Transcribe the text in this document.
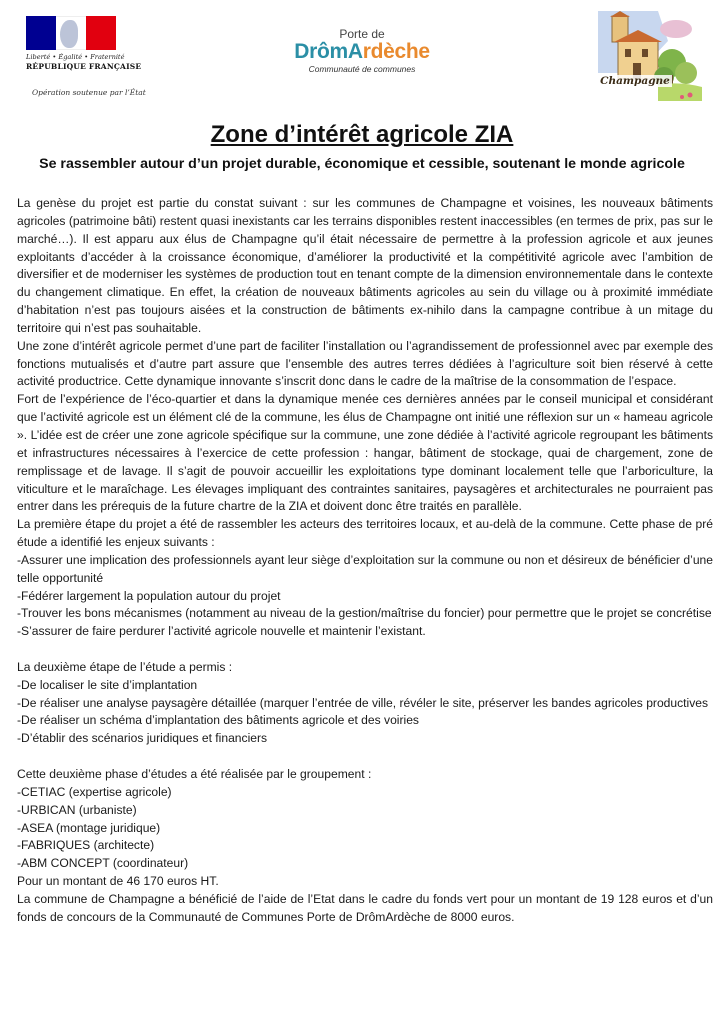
Liberté • Égalité • Fraternité
RÉPUBLIQUE FRANÇAISE
Opération soutenue par l’État
Porte de
DrômArdèche
Communauté de communes
Champagne
Zone d’intérêt agricole ZIA
Se rassembler autour d’un projet durable, économique et cessible, soutenant le monde agricole

La genèse du projet est partie du constat suivant : sur les communes de Champagne et voisines, les nouveaux bâtiments agricoles (patrimoine bâti) restent quasi inexistants car les terrains disponibles restent inaccessibles (en termes de prix, pas sur le marché…). Il est apparu aux élus de Champagne qu’il était nécessaire de permettre à la profession agricole et aux jeunes exploitants d’accéder à la croissance économique, d’améliorer la productivité et la compétitivité agricole avec l’ambition de diversifier et de moderniser les systèmes de production tout en tenant compte de la dimension environnementale dans le contexte du changement climatique. En effet, la création de nouveaux bâtiments agricoles au sein du village ou à proximité immédiate d’habitation n’est pas toujours aisées et la construction de bâtiments ex-nihilo dans la campagne contribue à un mitage du territoire qui n’est pas souhaitable.

Une zone d’intérêt agricole permet d’une part de faciliter l’installation ou l’agrandissement de professionnel avec par exemple des fonctions mutualisés et d’autre part assure que l’ensemble des autres terres dédiées à l’agriculture soit bien réservé à cette activité productrice. Cette dynamique innovante s’inscrit donc dans le cadre de la maîtrise de la consommation de l’espace.

Fort de l’expérience de l’éco-quartier et dans la dynamique menée ces dernières années par le conseil municipal et considérant que l’activité agricole est un élément clé de la commune, les élus de Champagne ont initié une réflexion sur un « hameau agricole ». L’idée est de créer une zone agricole spécifique sur la commune, une zone dédiée à l’activité agricole regroupant les bâtiments et infrastructures nécessaires à l’exercice de cette profession : hangar, bâtiment de stockage, quai de chargement, zone de remplissage et de lavage. Il s’agit de pouvoir accueillir les exploitations type dominant localement telle que l’arboriculture, la viticulture et le maraîchage. Les élevages impliquant des contraintes sanitaires, paysagères et architecturales ne pourraient pas entrer dans les prérequis de la future chartre de la ZIA et doivent donc être traités en parallèle.

La première étape du projet a été de rassembler les acteurs des territoires locaux, et au-delà de la commune. Cette phase de pré étude a identifié les enjeux suivants :

-Assurer une implication des professionnels ayant leur siège d’exploitation sur la commune ou non et désireux de bénéficier d’une telle opportunité

-Fédérer largement la population autour du projet

-Trouver les bons mécanismes (notamment au niveau de la gestion/maîtrise du foncier) pour permettre que le projet se concrétise

-S’assurer de faire perdurer l’activité agricole nouvelle et maintenir l’existant.

La deuxième étape de l’étude a permis :

-De localiser le site d’implantation

-De réaliser une analyse paysagère détaillée (marquer l’entrée de ville, révéler le site, préserver les bandes agricoles productives

-De réaliser un schéma d’implantation des bâtiments agricole et des voiries

-D’établir des scénarios juridiques et financiers

Cette deuxième phase d’études a été réalisée par le groupement :

-CETIAC (expertise agricole)

-URBICAN (urbaniste)

-ASEA (montage juridique)

-FABRIQUES (architecte)

-ABM CONCEPT (coordinateur)

Pour un montant de 46 170 euros HT.

La commune de Champagne a bénéficié de l’aide de l’Etat dans le cadre du fonds vert pour un montant de 19 128 euros et d’un fonds de concours de la Communauté de Communes Porte de DrômArdèche de 8000 euros.
